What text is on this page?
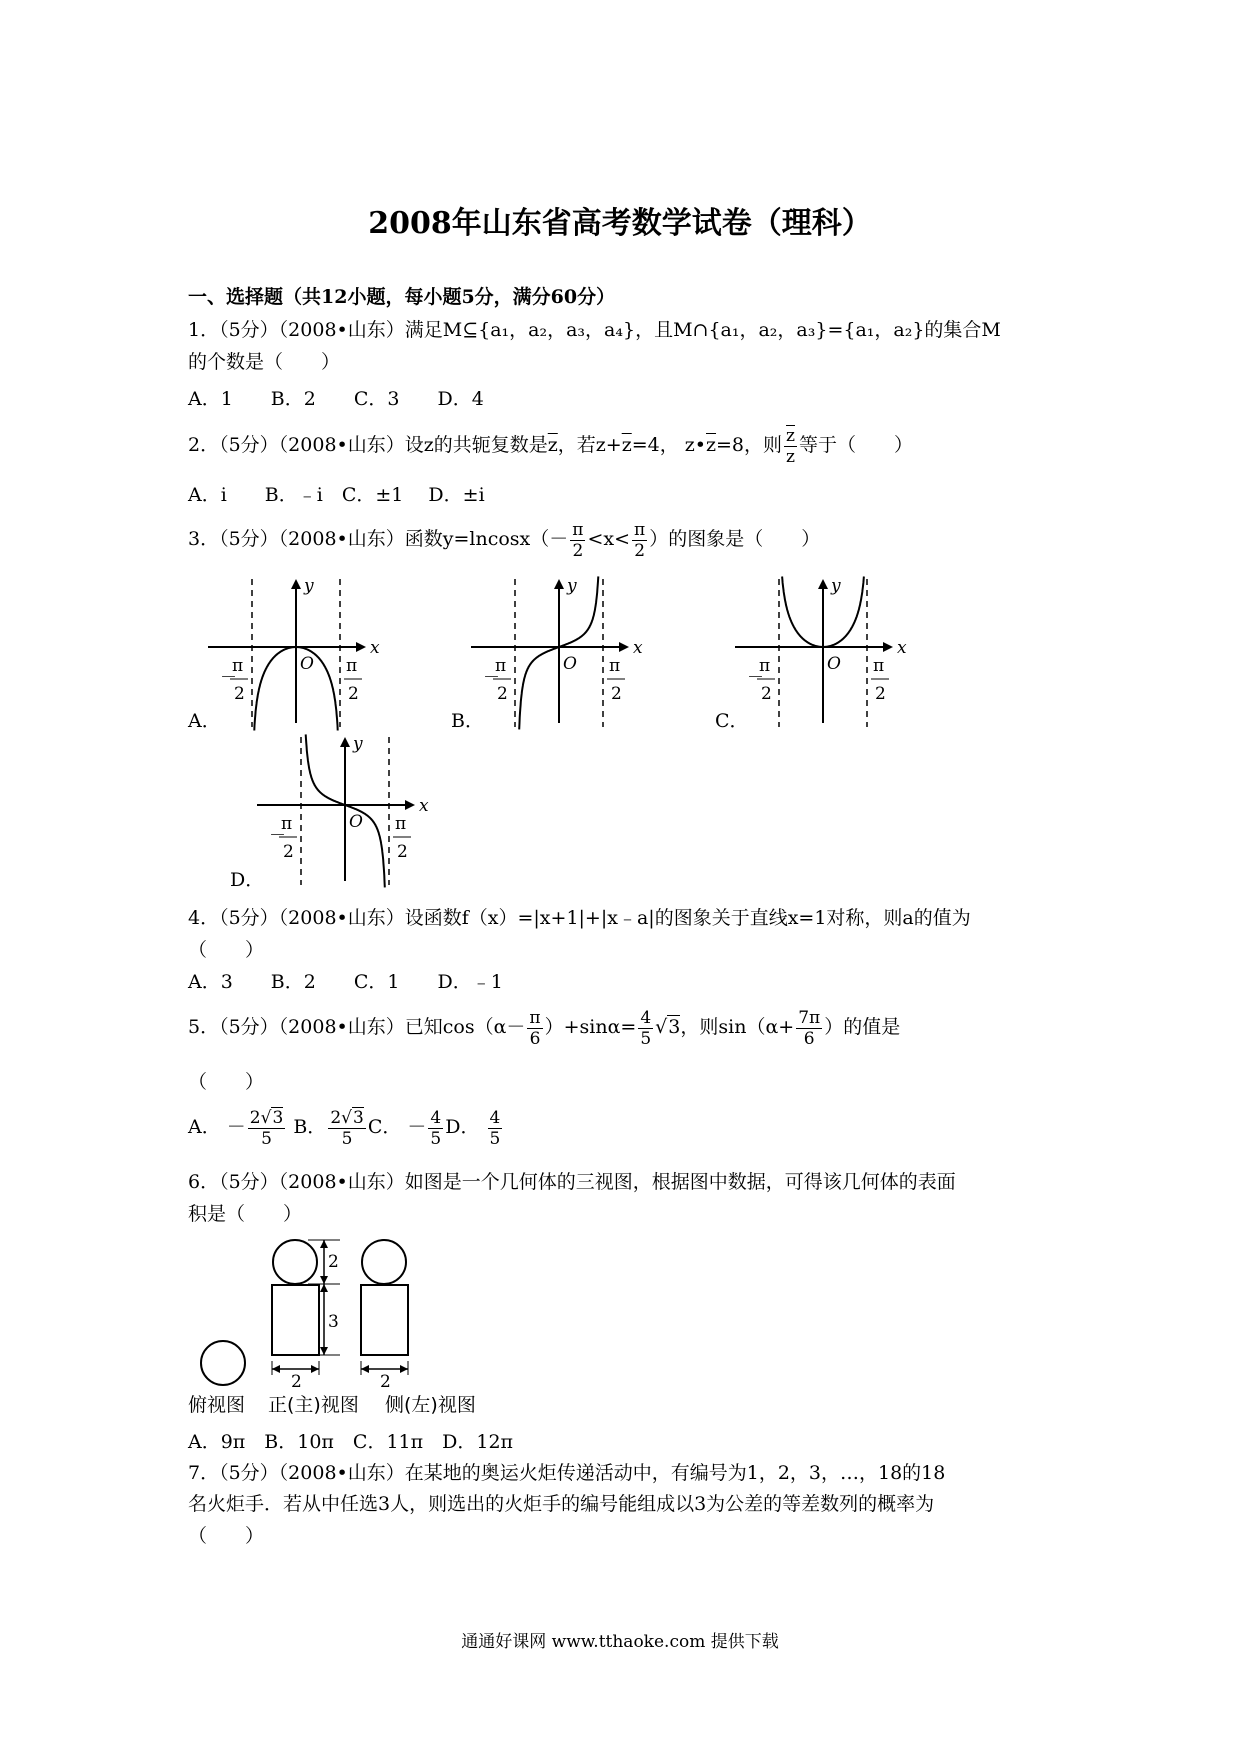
2008年山东省高考数学试卷（理科）
一、选择题（共12小题，每小题5分，满分60分）
1．（5分）（2008•山东）满足M⊆{a₁，a₂，a₃，a₄}，且M∩{a₁，a₂，a₃}={a₁，a₂}的集合M
的个数是（　　）
A．1　　B．2　　C．3　　D．4
2．（5分）（2008•山东）设z的共轭复数是$\overline{z}$，若$z+\overline{z}=4$， $z•\overline{z}=8$，则 $\frac{\overline{z}}{z}$ 等于（　　）
A．i　　B．﹣i　C．±1　 D．±i
3．（5分）（2008•山东）函数$y=lncosx(- \frac{\pi}{2} <x< \frac{\pi}{2}$ ）的图象是（　　）
x
y
O
－
π
2
π
2
A．
x
y
O
－
π
2
π
2
B．
x
y
O
－
π
2
π
2
C．
x
y
O
－
π
2
π
2
D．
4．（5分）（2008•山东）设函数f（x）=|x+1|+|x﹣a|的图象关于直线x=1对称，则a的值为
（　　）
A．3　　B．2　　C．1　　D．﹣1
5．（5分）（2008•山东）已知$\cos(\alpha- \frac{\pi}{6} )+\sin\alpha= \frac{4}{5} √3$，则$\sin(\alpha+ \frac{7\pi}{6}$ ）的值是
（　　）
A． － $\frac{2√3}{5}$ B． $\frac{2√3}{5}$ C． － $\frac{4}{5}$ D． $\frac{4}{5}$
6．（5分）（2008•山东）如图是一个几何体的三视图，根据图中数据，可得该几何体的表面
积是（　　）
2
3
2	2
俯视图 正(主)视图 侧(左)视图
A．9π　B．10π　C．11π　D．12π
7．（5分）（2008•山东）在某地的奥运火炬传递活动中，有编号为1，2，3，…，18的18
名火炬手．若从中任选3人，则选出的火炬手的编号能组成以3为公差的等差数列的概率为
（　　）
通通好课网 www.tthaoke.com 提供下载
